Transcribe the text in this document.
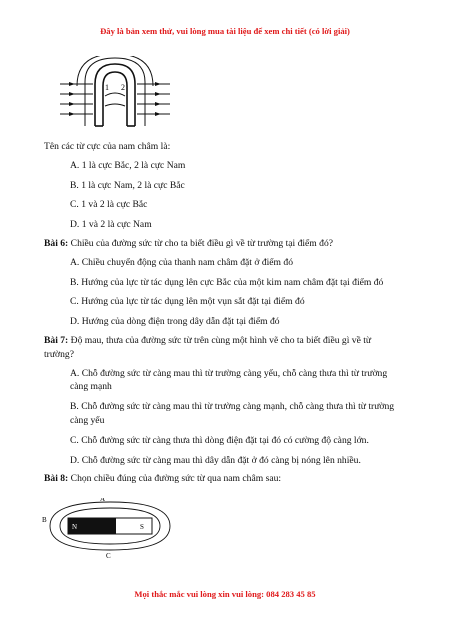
Đây là bản xem thử, vui lòng mua tài liệu để xem chi tiết (có lời giải)
1 2

Tên các từ cực của nam châm là:

A. 1 là cực Bắc, 2 là cực Nam

B. 1 là cực Nam, 2 là cực Bắc

C. 1 và 2 là cực Bắc

D. 1 và 2 là cực Nam

Bài 6: Chiều của đường sức từ cho ta biết điều gì về từ trường tại điểm đó?

A. Chiều chuyển động của thanh nam châm đặt ở điểm đó

B. Hướng của lực từ tác dụng lên cực Bắc của một kim nam châm đặt tại điểm đó

C. Hướng của lực từ tác dụng lên một vụn sắt đặt tại điểm đó

D. Hướng của dòng điện trong dây dẫn đặt tại điểm đó

Bài 7: Độ mau, thưa của đường sức từ trên cùng một hình vẽ cho ta biết điều gì về từ trường?

A. Chỗ đường sức từ càng mau thì từ trường càng yếu, chỗ càng thưa thì từ trường càng mạnh

B. Chỗ đường sức từ càng mau thì từ trường càng mạnh, chỗ càng thưa thì từ trường càng yếu

C. Chỗ đường sức từ càng thưa thì dòng điện đặt tại đó có cường độ càng lớn.

D. Chỗ đường sức từ càng mau thì dây dẫn đặt ở đó càng bị nóng lên nhiều.

Bài 8: Chọn chiều đúng của đường sức từ qua nam châm sau:

A
B
C
N	S
Mọi thắc mắc vui lòng xin vui lòng: 084 283 45 85
